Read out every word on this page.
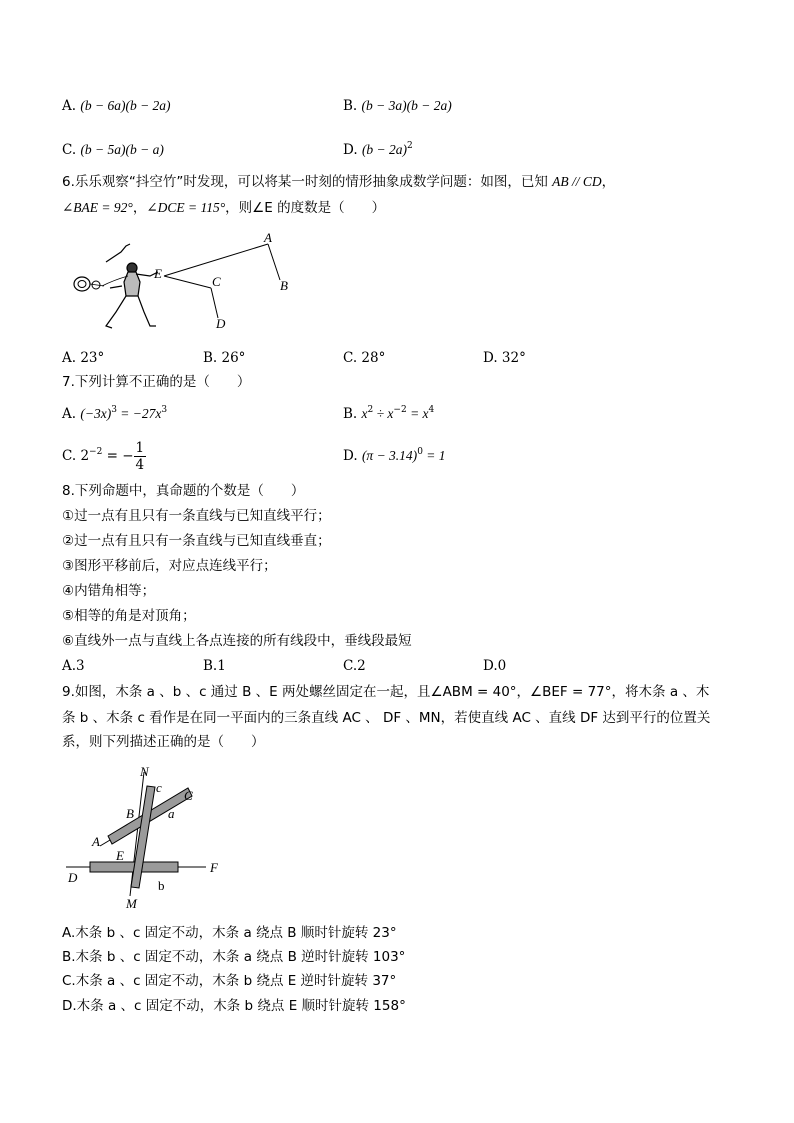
A. (b − 6a)(b − 2a)	B. (b − 3a)(b − 2a)
C. (b − 5a)(b − a)	D. $(b - 2a)^2$
6.乐乐观察“抖空竹”时发现，可以将某一时刻的情形抽象成数学问题：如图，已知 AB // CD，
∠BAE = 92°，∠DCE = 115°，则∠E 的度数是（　　）
A
B
C
D
E
A. 23°	B. 26°	C. 28°	D. 32°
7.下列计算不正确的是（　　）
A. $(-3x)^3 = -27x^3$	B. $x^2 \div x^{-2} = x^4$
C. $2^{-2}$ = − $\frac{1}{4}$	D. $(\pi - 3.14)^0 = 1$
8.下列命题中，真命题的个数是（　　）
①过一点有且只有一条直线与已知直线平行；
②过一点有且只有一条直线与已知直线垂直；
③图形平移前后，对应点连线平行；
④内错角相等；
⑤相等的角是对顶角；
⑥直线外一点与直线上各点连接的所有线段中，垂线段最短
A.3	B.1	C.2	D.0
9.如图，木条 a 、b 、c 通过 B 、E 两处螺丝固定在一起，且∠ABM = 40°，∠BEF = 77°，将木条 a 、木
条 b 、木条 c 看作是在同一平面内的三条直线 AC 、 DF 、MN，若使直线 AC 、直线 DF 达到平行的位置关
系，则下列描述正确的是（　　）
N
c
C
a
B
A
E
D
b
F
M
A.木条 b 、c 固定不动，木条 a 绕点 B 顺时针旋转 23°
B.木条 b 、c 固定不动，木条 a 绕点 B 逆时针旋转 103°
C.木条 a 、c 固定不动，木条 b 绕点 E 逆时针旋转 37°
D.木条 a 、c 固定不动，木条 b 绕点 E 顺时针旋转 158°
